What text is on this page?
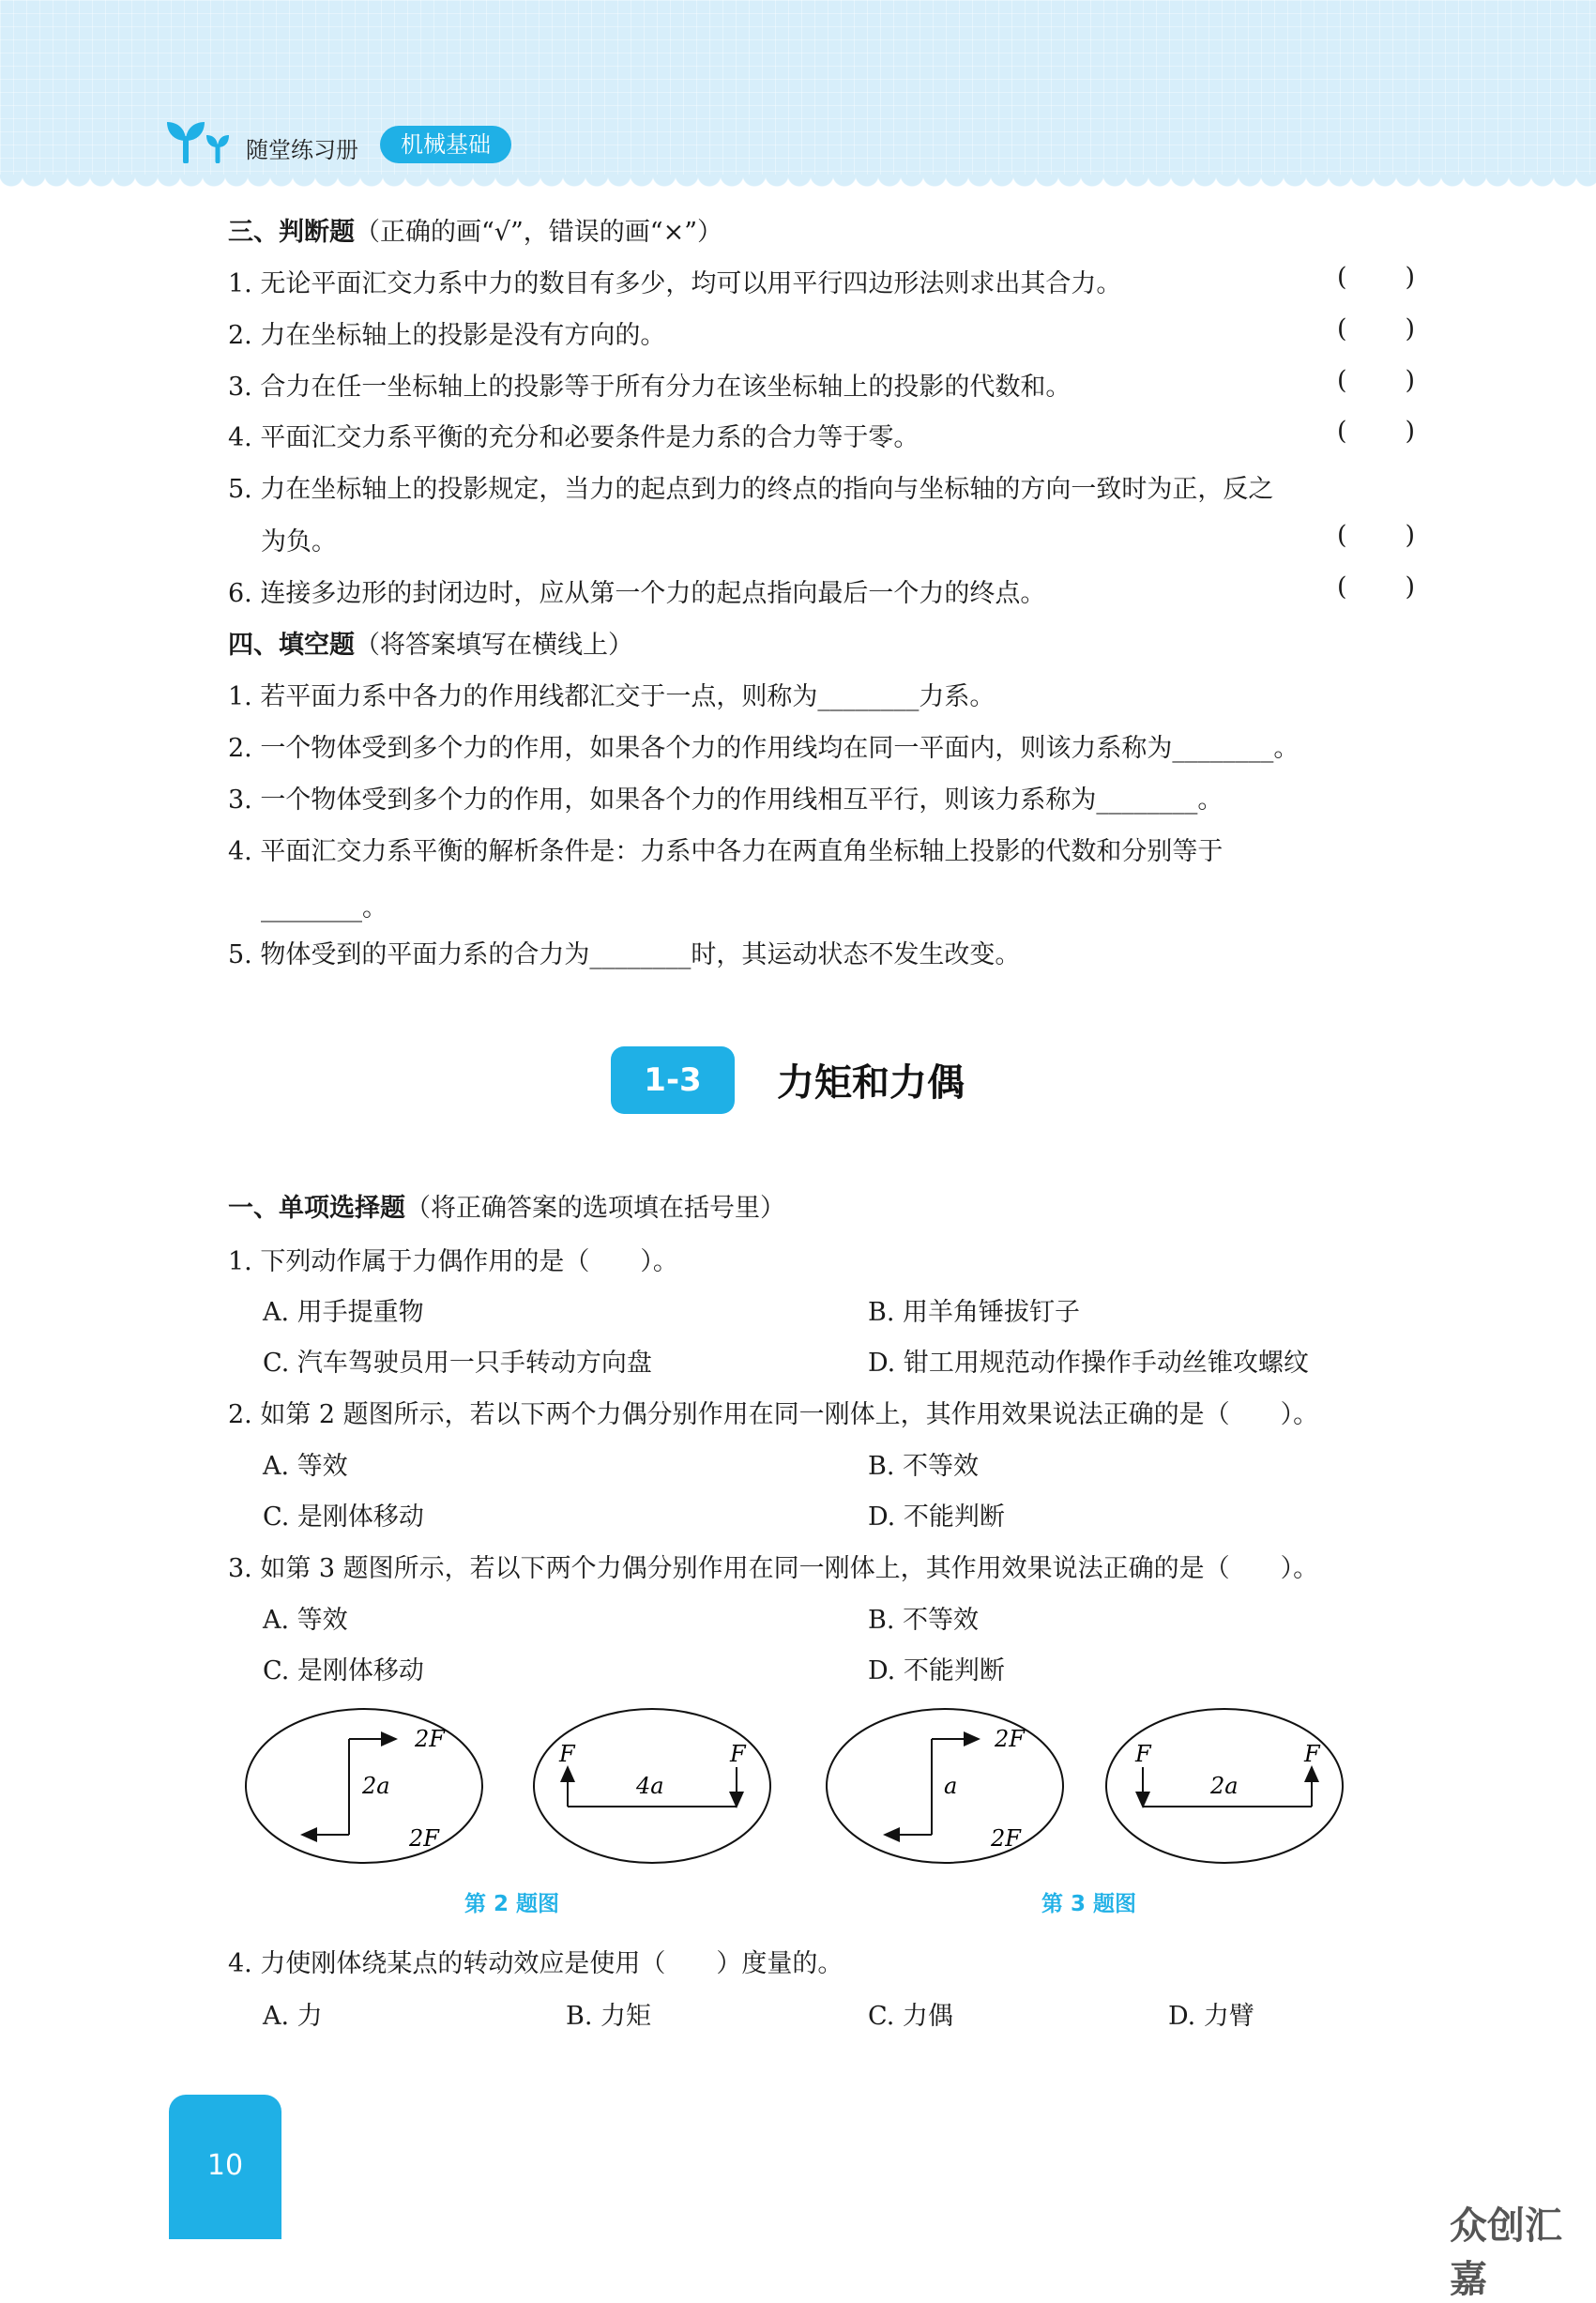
随堂练习册	机械基础
三、判断题（正确的画“√”，错误的画“×”）
1. 无论平面汇交力系中力的数目有多少，均可以用平行四边形法则求出其合力。	( )
2. 力在坐标轴上的投影是没有方向的。	( )
3. 合力在任一坐标轴上的投影等于所有分力在该坐标轴上的投影的代数和。	( )
4. 平面汇交力系平衡的充分和必要条件是力系的合力等于零。	( )
5. 力在坐标轴上的投影规定，当力的起点到力的终点的指向与坐标轴的方向一致时为正，反之
为负。	( )
6. 连接多边形的封闭边时，应从第一个力的起点指向最后一个力的终点。	( )
四、填空题（将答案填写在横线上）
1. 若平面力系中各力的作用线都汇交于一点，则称为________力系。
2. 一个物体受到多个力的作用，如果各个力的作用线均在同一平面内，则该力系称为________。
3. 一个物体受到多个力的作用，如果各个力的作用线相互平行，则该力系称为________。
4. 平面汇交力系平衡的解析条件是：力系中各力在两直角坐标轴上投影的代数和分别等于
________。
5. 物体受到的平面力系的合力为________时，其运动状态不发生改变。
1-3	力矩和力偶
一、单项选择题（将正确答案的选项填在括号里）
1. 下列动作属于力偶作用的是（　　）。
A. 用手提重物	B. 用羊角锤拔钉子
C. 汽车驾驶员用一只手转动方向盘	D. 钳工用规范动作操作手动丝锥攻螺纹
2. 如第 2 题图所示，若以下两个力偶分别作用在同一刚体上，其作用效果说法正确的是（　　）。
A. 等效	B. 不等效
C. 是刚体移动	D. 不能判断
3. 如第 3 题图所示，若以下两个力偶分别作用在同一刚体上，其作用效果说法正确的是（　　）。
A. 等效	B. 不等效
C. 是刚体移动	D. 不能判断
2F
2a
2F
F
4a
F
2F
a
2F
F
2a
F
第 2 题图	第 3 题图
4. 力使刚体绕某点的转动效应是使用（　　）度量的。
A. 力	B. 力矩	C. 力偶	D. 力臂
10
众创汇嘉
